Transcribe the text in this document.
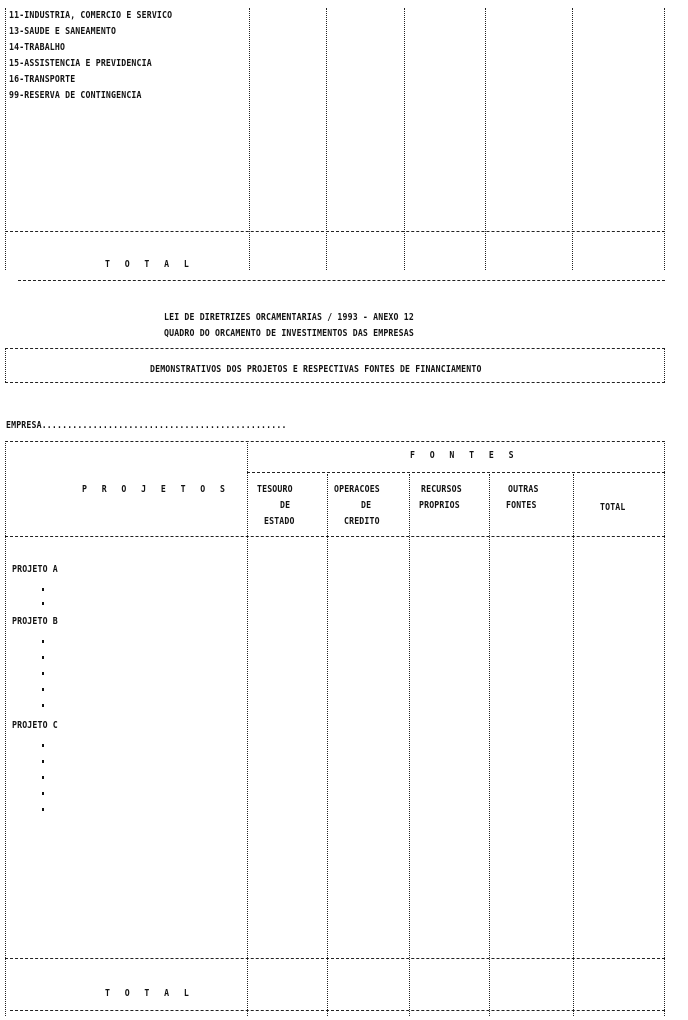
11-INDUSTRIA, COMERCIO E SERVICO
13-SAUDE E SANEAMENTO
14-TRABALHO
15-ASSISTENCIA E PREVIDENCIA
16-TRANSPORTE
99-RESERVA DE CONTINGENCIA
T O T A L
LEI DE DIRETRIZES ORCAMENTARIAS / 1993 - ANEXO 12
QUADRO DO ORCAMENTO DE INVESTIMENTOS DAS EMPRESAS
DEMONSTRATIVOS DOS PROJETOS E RESPECTIVAS FONTES DE FINANCIAMENTO
EMPRESA................................................
F O N T E S
P R O J E T O S	TESOURO
DE
ESTADO
OPERACOES
DE
CREDITO
RECURSOS
PROPRIOS
OUTRAS
FONTES	TOTAL
PROJETO A
PROJETO B
PROJETO C
T O T A L
